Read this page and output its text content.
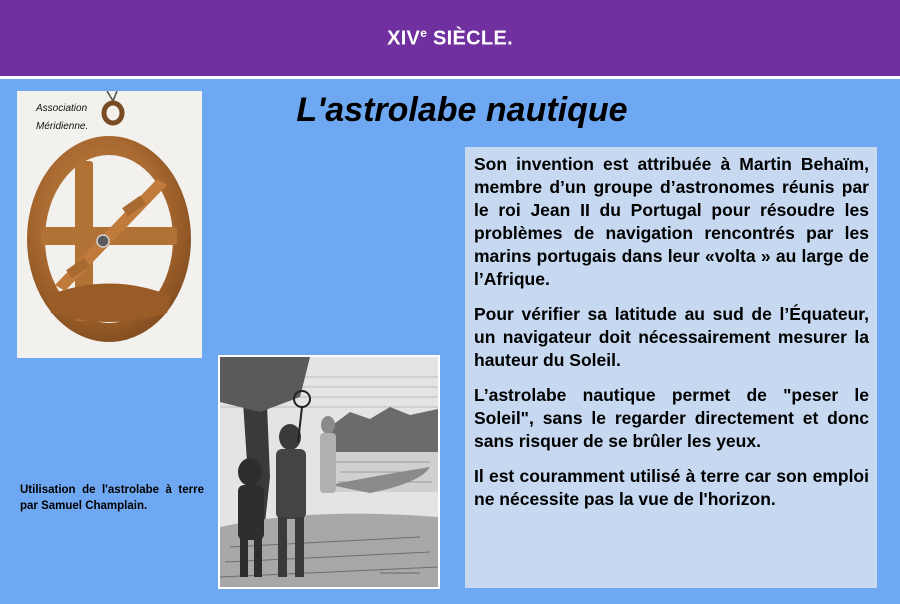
XIVe SIÈCLE.
L'astrolabe nautique
Association
Méridienne.
Utilisation de l'astrolabe à terre par Samuel Champlain.

Son invention est attribuée à Martin Behaïm, membre d’un groupe d’astronomes réunis par le roi Jean II du Portugal pour résoudre les problèmes de navigation rencontrés par les marins portugais dans leur «volta » au large de l’Afrique.

Pour vérifier sa latitude au sud de l’Équateur, un navigateur doit nécessairement mesurer la hauteur du Soleil.

L’astrolabe nautique permet de "peser le Soleil", sans le regarder directement et donc sans risquer de se brûler les yeux.

Il est couramment utilisé à terre car son emploi ne nécessite pas la vue de l'horizon.
